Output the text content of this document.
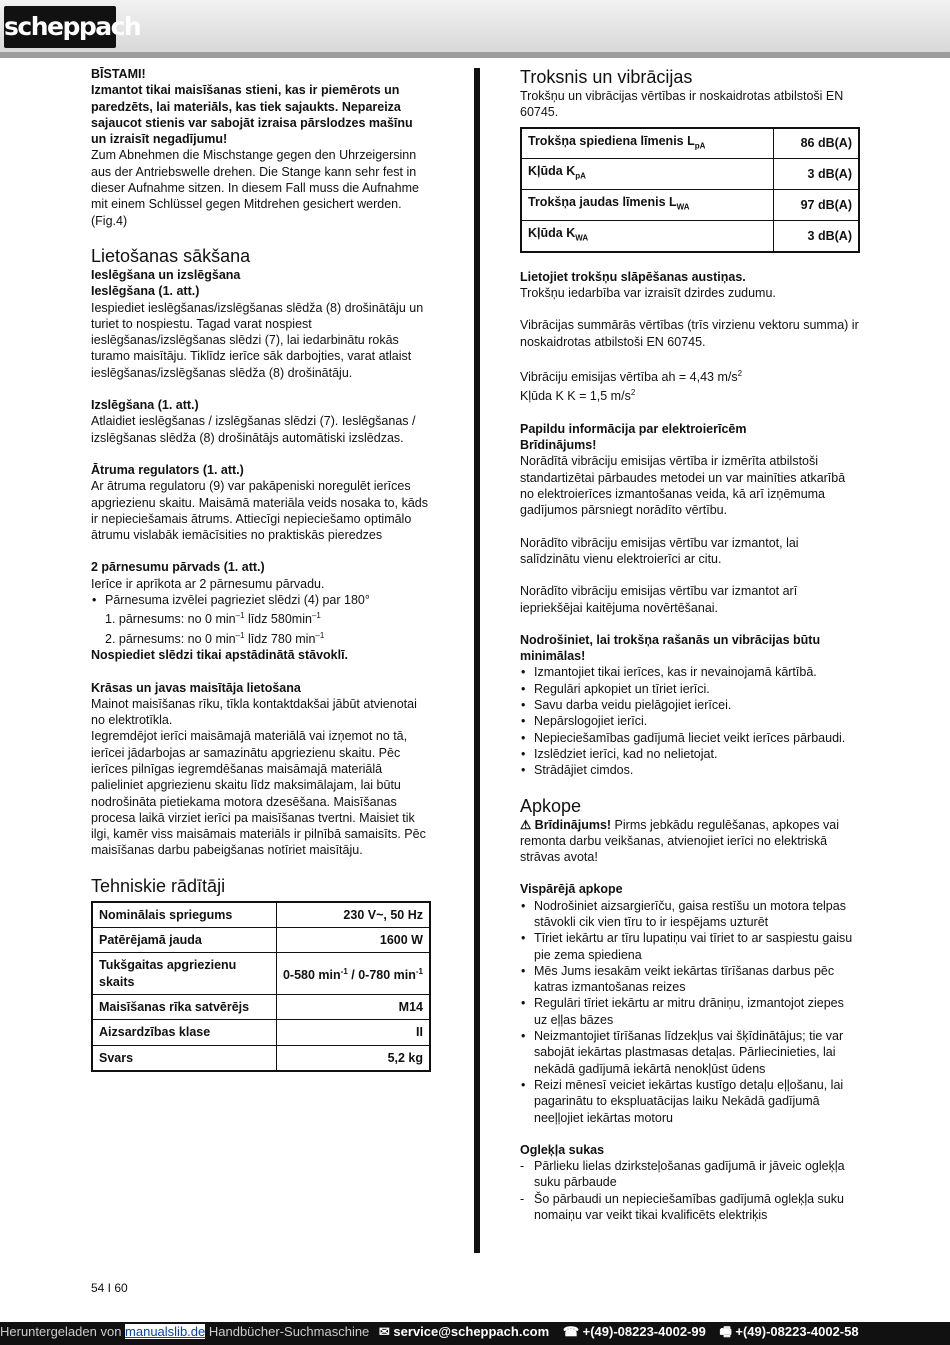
scheppach

BĪSTAMI!

Izmantot tikai maisīšanas stieni, kas ir piemērots un paredzēts, lai materiāls, kas tiek sajaukts. Nepareiza sajaucot stienis var sabojāt izraisa pārslodzes mašīnu un izraisīt negadījumu!

Zum Abnehmen die Mischstange gegen den Uhrzeigersinn aus der Antriebswelle drehen. Die Stange kann sehr fest in dieser Aufnahme sitzen. In diesem Fall muss die Aufnahme mit einem Schlüssel gegen Mitdrehen gesichert werden. (Fig.4)

Lietošanas sākšana

Ieslēgšana un izslēgšana

Ieslēgšana (1. att.)

Iespiediet ieslēgšanas/izslēgšanas slēdža (8) drošinātāju un turiet to nospiestu. Tagad varat nospiest ieslēgšanas/izslēgšanas slēdzi (7), lai iedarbinātu rokās turamo maisītāju. Tiklīdz ierīce sāk darbojties, varat atlaist ieslēgšanas/izslēgšanas slēdža (8) drošinātāju.

Izslēgšana (1. att.)

Atlaidiet ieslēgšanas / izslēgšanas slēdzi (7). Ieslēgšanas / izslēgšanas slēdža (8) drošinātājs automātiski izslēdzas.

Ātruma regulators (1. att.)

Ar ātruma regulatoru (9) var pakāpeniski noregulēt ierīces apgriezienu skaitu. Maisāmā materiāla veids nosaka to, kāds ir nepieciešamais ātrums. Attiecīgi nepieciešamo optimālo ātrumu vislabāk iemācīsities no praktiskās pieredzes

2 pārnesumu pārvads (1. att.)

Ierīce ir aprīkota ar 2 pārnesumu pārvadu.

• Pārnesuma izvēlei pagrieziet slēdzi (4) par 180°

1. pārnesums: no 0 $\min^{-1}$ līdz $580\min^{-1}$

2. pārnesums: no 0 $\min^{-1}$ līdz 780 $\min^{-1}$

Nospiediet slēdzi tikai apstādinātā stāvoklī.

Krāsas un javas maisītāja lietošana

Mainot maisīšanas rīku, tīkla kontaktdakšai jābūt atvienotai no elektrotīkla.

Iegremdējot ierīci maisāmajā materiālā vai izņemot no tā, ierīcei jādarbojas ar samazinātu apgriezienu skaitu. Pēc ierīces pilnīgas iegremdēšanas maisāmajā materiālā palieliniet apgriezienu skaitu līdz maksimālajam, lai būtu nodrošināta pietiekama motora dzesēšana. Maisīšanas procesa laikā virziet ierīci pa maisīšanas tvertni. Maisiet tik ilgi, kamēr viss maisāmais materiāls ir pilnībā samaisīts. Pēc maisīšanas darbu pabeigšanas notīriet maisītāju.

Tehniskie rādītāji
Nominālais spriegums	230 V~, 50 Hz
Patērējamā jauda	1600 W
Tukšgaitas apgriezienu skaits	0-580 $\min^{-1} / 0-780$ $\min^{-1}$
Maisīšanas rīka satvērējs	M14
Aizsardzības klase	II
Svars	5,2 kg
Troksnis un vibrācijas

Trokšņu un vibrācijas vērtības ir noskaidrotas atbilstoši EN 60745.

Trokšņa spiediena līmenis $L_{pA}$	86 dB(A)
Kļūda $K_{pA}$	3 dB(A)
Trokšņa jaudas līmenis $L_{WA}$	97 dB(A)
Kļūda $K_{WA}$	3 dB(A)

Lietojiet trokšņu slāpēšanas austiņas.

Trokšņu iedarbība var izraisīt dzirdes zudumu.

Vibrācijas summārās vērtības (trīs virzienu vektoru summa) ir noskaidrotas atbilstoši EN 60745.

Vibrāciju emisijas vērtība ah = 4,43 $m/s^2$

Kļūda K K = 1,5 $m/s^2$

Papildu informācija par elektroierīcēm

Brīdinājums!

Norādītā vibrāciju emisijas vērtība ir izmērīta atbilstoši standartizētai pārbaudes metodei un var mainīties atkarībā no elektroierīces izmantošanas veida, kā arī izņēmuma gadījumos pārsniegt norādīto vērtību.

Norādīto vibrāciju emisijas vērtību var izmantot, lai salīdzinātu vienu elektroierīci ar citu.

Norādīto vibrāciju emisijas vērtību var izmantot arī iepriekšējai kaitējuma novērtēšanai.

Nodrošiniet, lai trokšņa rašanās un vibrācijas būtu minimālas!

• Izmantojiet tikai ierīces, kas ir nevainojamā kārtībā.
• Regulāri apkopiet un tīriet ierīci.
• Savu darba veidu pielāgojiet ierīcei.
• Nepārslogojiet ierīci.
• Nepieciešamības gadījumā lieciet veikt ierīces pārbaudi.
• Izslēdziet ierīci, kad no nelietojat.
• Strādājiet cimdos.
Apkope

⚠ Brīdinājums! Pirms jebkādu regulēšanas, apkopes vai remonta darbu veikšanas, atvienojiet ierīci no elektriskā strāvas avota!

Vispārējā apkope

• Nodrošiniet aizsargierīču, gaisa restīšu un motora telpas stāvokli cik vien tīru to ir iespējams uzturēt
• Tīriet iekārtu ar tīru lupatiņu vai tīriet to ar saspiestu gaisu pie zema spiediena
• Mēs Jums iesakām veikt iekārtas tīrīšanas darbus pēc katras izmantošanas reizes
• Regulāri tīriet iekārtu ar mitru drāniņu, izmantojot ziepes uz eļļas bāzes
• Neizmantojiet tīrīšanas līdzekļus vai šķīdinātājus; tie var sabojāt iekārtas plastmasas detaļas. Pārliecinieties, lai nekādā gadījumā iekārtā nenokļūst ūdens
• Reizi mēnesī veiciet iekārtas kustīgo detaļu eļļošanu, lai pagarinātu to ekspluatācijas laiku Nekādā gadījumā neeļļojiet iekārtas motoru

Ogleķļa sukas

- Pārlieku lielas dzirksteļošanas gadījumā ir jāveic ogleķļa suku pārbaude
- Šo pārbaudi un nepieciešamības gadījumā ogleķļa suku nomaiņu var veikt tikai kvalificēts elektriķis
54 I 60
Heruntergeladen von manualslib.de Handbücher-Suchmaschine ✉ service@scheppach.com ☎ +(49)-08223-4002-99 🖷 +(49)-08223-4002-58
